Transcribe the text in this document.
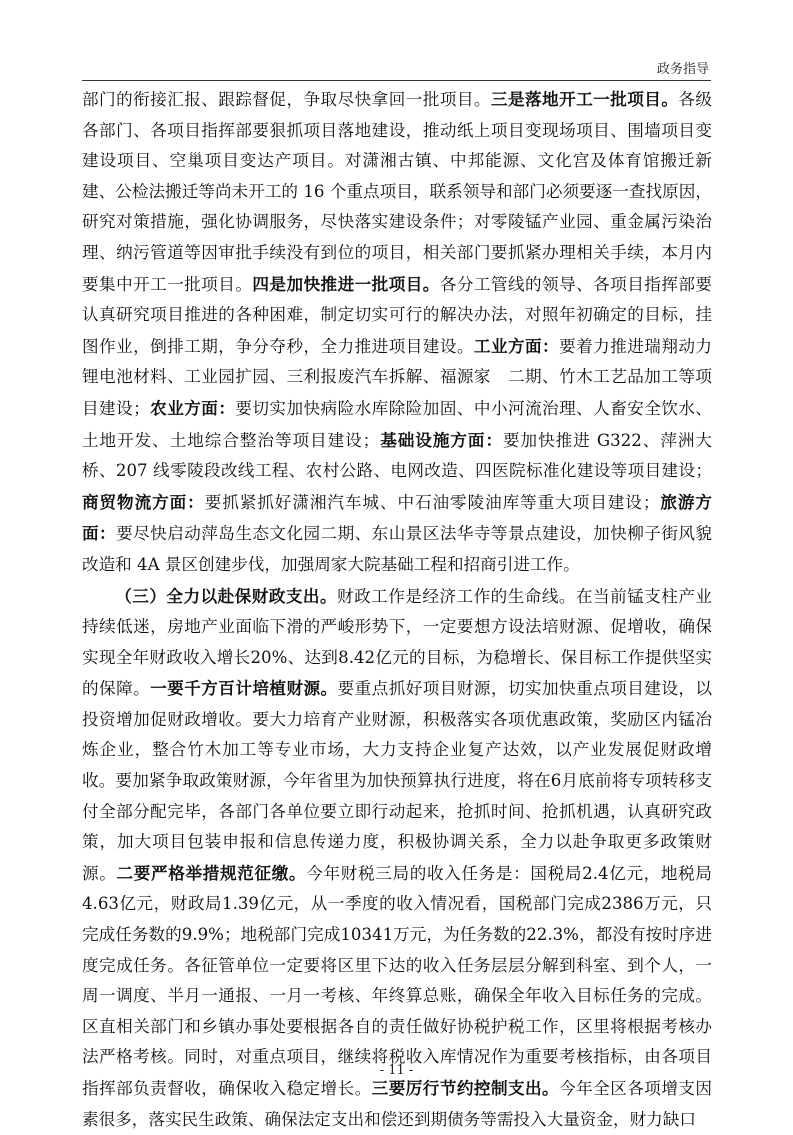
政务指导

部门的衔接汇报、跟踪督促，争取尽快拿回一批项目。三是落地开工一批项目。各级各部门、各项目指挥部要狠抓项目落地建设，推动纸上项目变现场项目、围墙项目变建设项目、空巢项目变达产项目。对潇湘古镇、中邦能源、文化宫及体育馆搬迁新建、公检法搬迁等尚未开工的 16 个重点项目，联系领导和部门必须要逐一查找原因，研究对策措施，强化协调服务，尽快落实建设条件；对零陵锰产业园、重金属污染治理、纳污管道等因审批手续没有到位的项目，相关部门要抓紧办理相关手续，本月内要集中开工一批项目。四是加快推进一批项目。各分工管线的领导、各项目指挥部要认真研究项目推进的各种困难，制定切实可行的解决办法，对照年初确定的目标，挂图作业，倒排工期，争分夺秒，全力推进项目建设。工业方面：要着力推进瑞翔动力锂电池材料、工业园扩园、三利报废汽车拆解、福源家　二期、竹木工艺品加工等项目建设；农业方面：要切实加快病险水库除险加固、中小河流治理、人畜安全饮水、土地开发、土地综合整治等项目建设；基础设施方面：要加快推进 G322、萍洲大桥、207 线零陵段改线工程、农村公路、电网改造、四医院标准化建设等项目建设；商贸物流方面：要抓紧抓好潇湘汽车城、中石油零陵油库等重大项目建设；旅游方面：要尽快启动萍岛生态文化园二期、东山景区法华寺等景点建设，加快柳子街风貌改造和 4A 景区创建步伐，加强周家大院基础工程和招商引进工作。

（三）全力以赴保财政支出。财政工作是经济工作的生命线。在当前锰支柱产业持续低迷，房地产业面临下滑的严峻形势下，一定要想方设法培财源、促增收，确保实现全年财政收入增长20%、达到8.42亿元的目标，为稳增长、保目标工作提供坚实的保障。一要千方百计培植财源。要重点抓好项目财源，切实加快重点项目建设，以投资增加促财政增收。要大力培育产业财源，积极落实各项优惠政策，奖励区内锰冶炼企业，整合竹木加工等专业市场，大力支持企业复产达效，以产业发展促财政增收。要加紧争取政策财源，今年省里为加快预算执行进度，将在6月底前将专项转移支付全部分配完毕，各部门各单位要立即行动起来，抢抓时间、抢抓机遇，认真研究政策，加大项目包装申报和信息传递力度，积极协调关系，全力以赴争取更多政策财源。二要严格举措规范征缴。今年财税三局的收入任务是：国税局2.4亿元，地税局4.63亿元，财政局1.39亿元，从一季度的收入情况看，国税部门完成2386万元，只完成任务数的9.9%；地税部门完成10341万元，为任务数的22.3%，都没有按时序进度完成任务。各征管单位一定要将区里下达的收入任务层层分解到科室、到个人，一周一调度、半月一通报、一月一考核、年终算总账，确保全年收入目标任务的完成。区直相关部门和乡镇办事处要根据各自的责任做好协税护税工作，区里将根据考核办法严格考核。同时，对重点项目，继续将税收入库情况作为重要考核指标，由各项目指挥部负责督收，确保收入稳定增长。三要厉行节约控制支出。今年全区各项增支因素很多，落实民生政策、确保法定支出和偿还到期债务等需投入大量资金，财力缺口

- 11 -
